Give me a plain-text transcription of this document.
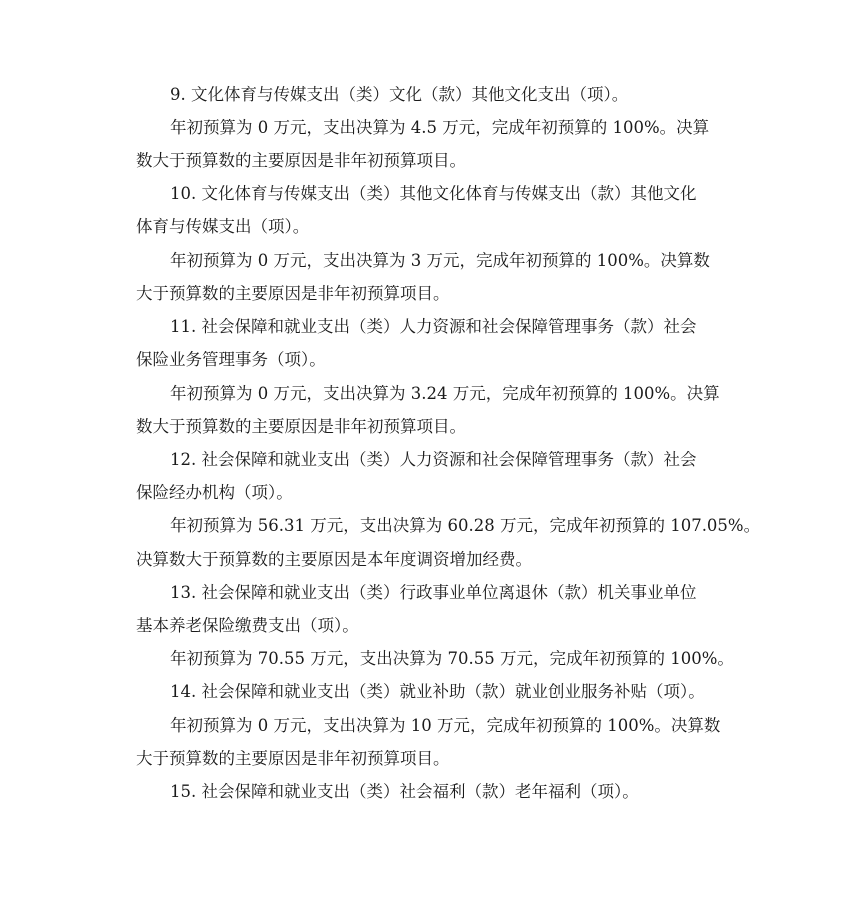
9. 文化体育与传媒支出（类）文化（款）其他文化支出（项）。
年初预算为 0 万元，支出决算为 4.5 万元，完成年初预算的 100%。决算
数大于预算数的主要原因是非年初预算项目。
10. 文化体育与传媒支出（类）其他文化体育与传媒支出（款）其他文化
体育与传媒支出（项）。
年初预算为 0 万元，支出决算为 3 万元，完成年初预算的 100%。决算数
大于预算数的主要原因是非年初预算项目。
11. 社会保障和就业支出（类）人力资源和社会保障管理事务（款）社会
保险业务管理事务（项）。
年初预算为 0 万元，支出决算为 3.24 万元，完成年初预算的 100%。决算
数大于预算数的主要原因是非年初预算项目。
12. 社会保障和就业支出（类）人力资源和社会保障管理事务（款）社会
保险经办机构（项）。
年初预算为 56.31 万元，支出决算为 60.28 万元，完成年初预算的 107.05%。
决算数大于预算数的主要原因是本年度调资增加经费。
13. 社会保障和就业支出（类）行政事业单位离退休（款）机关事业单位
基本养老保险缴费支出（项）。
年初预算为 70.55 万元，支出决算为 70.55 万元，完成年初预算的 100%。
14. 社会保障和就业支出（类）就业补助（款）就业创业服务补贴（项）。
年初预算为 0 万元，支出决算为 10 万元，完成年初预算的 100%。决算数
大于预算数的主要原因是非年初预算项目。
15. 社会保障和就业支出（类）社会福利（款）老年福利（项）。
